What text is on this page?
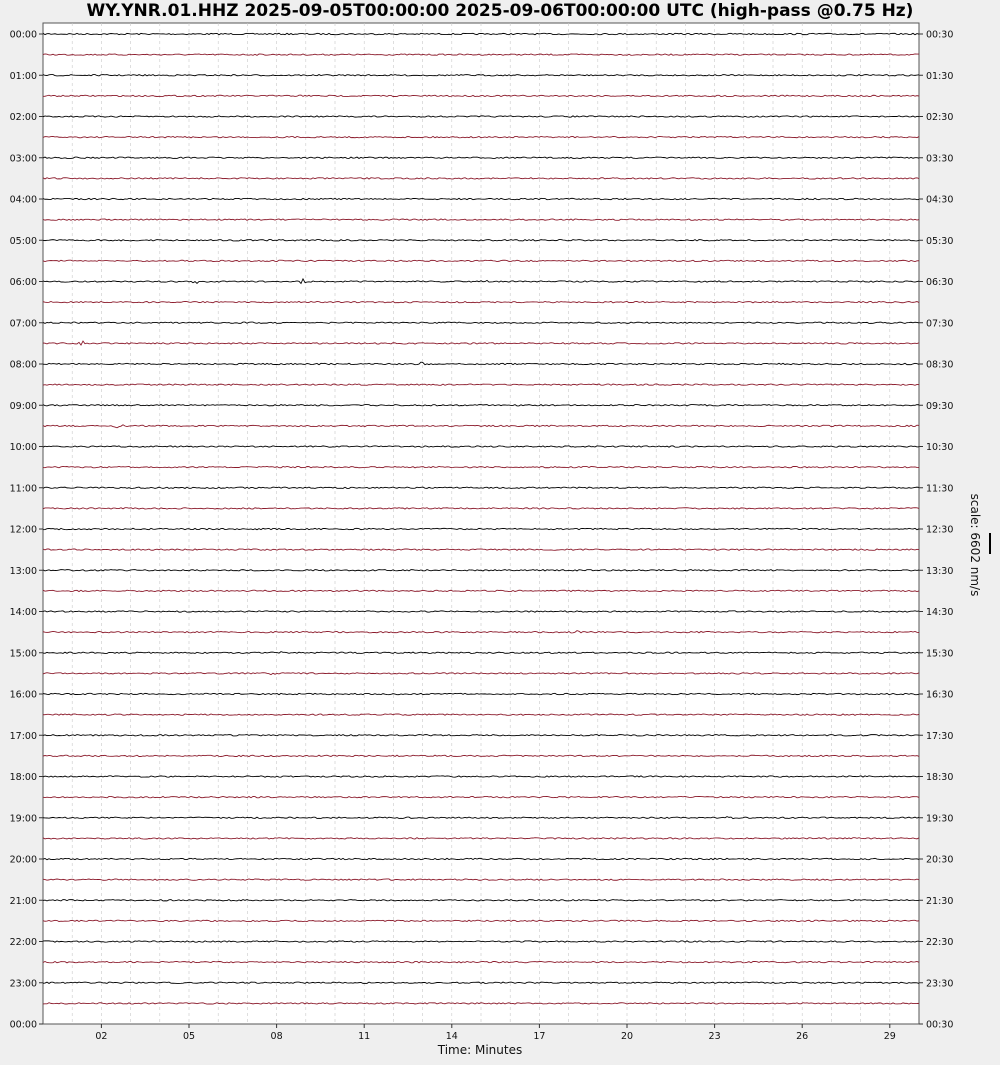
WY.YNR.01.HHZ 2025-09-05T00:00:00 2025-09-06T00:00:00 UTC (high-pass @0.75 Hz)
02	05	08	11	14	17	20	23	26	29
00:00
01:00
02:00
03:00
04:00
05:00
06:00
07:00
08:00
09:00
10:00
11:00
12:00
13:00
14:00
15:00
16:00
17:00
18:00
19:00
20:00
21:00
22:00
23:00
00:00
00:30
01:30
02:30
03:30
04:30
05:30
06:30
07:30
08:30
09:30
10:30
11:30
12:30
13:30
14:30
15:30
16:30
17:30
18:30
19:30
20:30
21:30
22:30
23:30
00:30
Time: Minutes
scale: 6602 nm/s
